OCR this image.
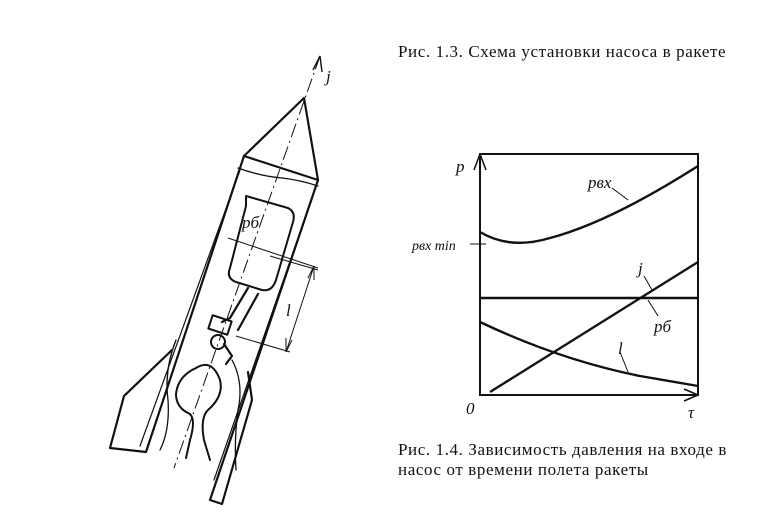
j
рб
l
p
τ
0
рвх
рвх min
j
рб
l
Рис. 1.3. Схема установки насоса в ракете
Рис. 1.4. Зависимость давления на входе в насос от времени полета ракеты
